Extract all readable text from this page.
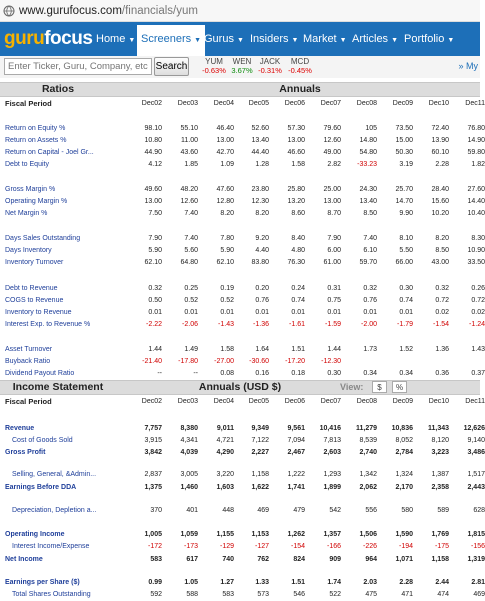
www.gurufocus.com/financials/yum
gurufocus Home ▼ Screeners ▼ Gurus ▼ Insiders ▼ Market ▼ Articles ▼ Portfolio ▼
Enter Ticker, Guru, Company, etc
Search	YUM
-0.63%
WEN
3.67%
JACK
-0.31%
MCD
-0.45%	» My
Ratios	Annuals
Fiscal Period
Income Statement	Annuals (USD $)	View:	$	%
Fiscal Period
Dec02	Dec03	Dec04	Dec05	Dec06	Dec07	Dec08	Dec09	Dec10	Dec11
Dec02	Dec03	Dec04	Dec05	Dec06	Dec07	Dec08	Dec09	Dec10	Dec11
Return on Equity %	98.10	55.10	46.40	52.60	57.30	79.60	105	73.50	72.40	76.80
Return on Assets %	10.80	11.00	13.00	13.40	13.00	12.60	14.80	15.00	13.90	14.90
Return on Capital - Joel Gr...	44.90	43.60	42.70	44.40	46.60	49.00	54.80	50.30	60.10	59.80
Debt to Equity	4.12	1.85	1.09	1.28	1.58	2.82	-33.23	3.19	2.28	1.82
Gross Margin %	49.60	48.20	47.60	23.80	25.80	25.00	24.30	25.70	28.40	27.60
Operating Margin %	13.00	12.60	12.80	12.30	13.20	13.00	13.40	14.70	15.60	14.40
Net Margin %	7.50	7.40	8.20	8.20	8.60	8.70	8.50	9.90	10.20	10.40
Days Sales Outstanding	7.90	7.40	7.80	9.20	8.40	7.90	7.40	8.10	8.20	8.30
Days Inventory	5.90	5.60	5.90	4.40	4.80	6.00	6.10	5.50	8.50	10.90
Inventory Turnover	62.10	64.80	62.10	83.80	76.30	61.00	59.70	66.00	43.00	33.50
Debt to Revenue	0.32	0.25	0.19	0.20	0.24	0.31	0.32	0.30	0.32	0.26
COGS to Revenue	0.50	0.52	0.52	0.76	0.74	0.75	0.76	0.74	0.72	0.72
Inventory to Revenue	0.01	0.01	0.01	0.01	0.01	0.01	0.01	0.01	0.02	0.02
Interest Exp. to Revenue %	-2.22	-2.06	-1.43	-1.36	-1.61	-1.59	-2.00	-1.79	-1.54	-1.24
Asset Turnover	1.44	1.49	1.58	1.64	1.51	1.44	1.73	1.52	1.36	1.43
Buyback Ratio	-21.40	-17.80	-27.00	-30.60	-17.20	-12.30
Dividend Payout Ratio	--	--	0.08	0.16	0.18	0.30	0.34	0.34	0.36	0.37
Revenue	7,757	8,380	9,011	9,349	9,561	10,416	11,279	10,836	11,343	12,626
Cost of Goods Sold	3,915	4,341	4,721	7,122	7,094	7,813	8,539	8,052	8,120	9,140
Gross Profit	3,842	4,039	4,290	2,227	2,467	2,603	2,740	2,784	3,223	3,486
Selling, General, &Admin...	2,837	3,005	3,220	1,158	1,222	1,293	1,342	1,324	1,387	1,517
Earnings Before DDA	1,375	1,460	1,603	1,622	1,741	1,899	2,062	2,170	2,358	2,443
Depreciation, Depletion a...	370	401	448	469	479	542	556	580	589	628
Operating Income	1,005	1,059	1,155	1,153	1,262	1,357	1,506	1,590	1,769	1,815
Interest Income/Expense	-172	-173	-129	-127	-154	-166	-226	-194	-175	-156
Net Income	583	617	740	762	824	909	964	1,071	1,158	1,319
Earnings per Share ($)	0.99	1.05	1.27	1.33	1.51	1.74	2.03	2.28	2.44	2.81
Total Shares Outstanding	592	588	583	573	546	522	475	471	474	469
